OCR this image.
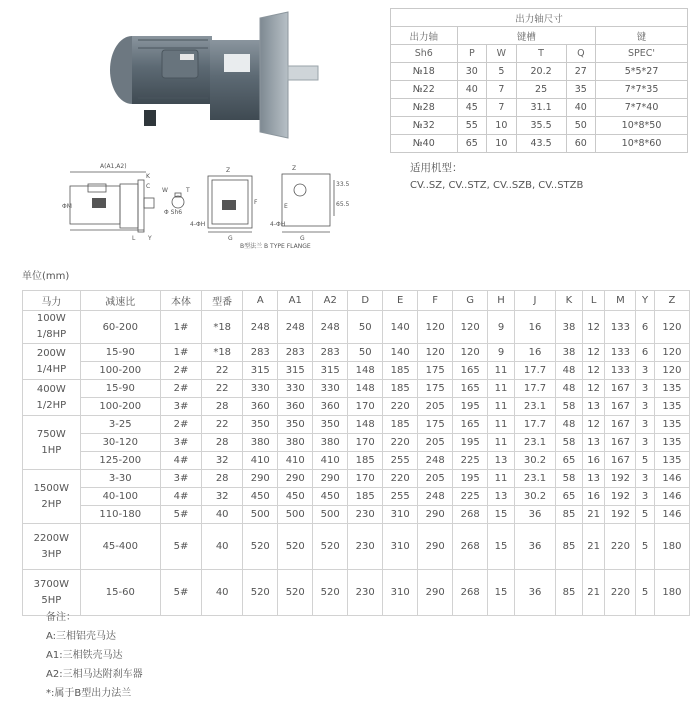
出力轴尺寸					
出力轴	键槽				键
Sh6	P	W	T	Q	SPEC'
№18	30	5	20.2	27	5*5*27
№22	40	7	25	35	7*7*35
№28	45	7	31.1	40	7*7*40
№32	55	10	35.5	50	10*8*50
№40	65	10	43.5	60	10*8*60
适用机型：
CV..SZ, CV..STZ, CV..SZB, CV..STZB
A(A1,A2)
K
C
ΦM
L Y
W	T
Φ Sh6
Z
F
4-ΦH
G
Z
E
33.5
65.5
4-ΦH
G
B型法兰 B TYPE FLANGE
单位(mm)
马力	减速比	本体	型番	A	A1	A2	D	E	F	G	H	J	K	L	M	Y	Z

100W
1/8HP	60-200	1#	*18	248	248	248	50	140	120	120	9	16	38	12	133	6	120

200W
1/4HP	15-90	1#	*18	283	283	283	50	140	120	120	9	16	38	12	133	6	120
	100-200	2#	22	315	315	315	148	185	175	165	11	17.7	48	12	133	3	120

400W
1/2HP	15-90	2#	22	330	330	330	148	185	175	165	11	17.7	48	12	167	3	135
	100-200	3#	28	360	360	360	170	220	205	195	11	23.1	58	13	167	3	135

750W
1HP	3-25	2#	22	350	350	350	148	185	175	165	11	17.7	48	12	167	3	135
	30-120	3#	28	380	380	380	170	220	205	195	11	23.1	58	13	167	3	135
	125-200	4#	32	410	410	410	185	255	248	225	13	30.2	65	16	167	5	135

1500W
2HP	3-30	3#	28	290	290	290	170	220	205	195	11	23.1	58	13	192	3	146
	40-100	4#	32	450	450	450	185	255	248	225	13	30.2	65	16	192	3	146
	110-180	5#	40	500	500	500	230	310	290	268	15	36	85	21	192	5	146

2200W
3HP	45-400	5#	40	520	520	520	230	310	290	268	15	36	85	21	220	5	180

3700W
5HP	15-60	5#	40	520	520	520	230	310	290	268	15	36	85	21	220	5	180
备注：
A:三相铝壳马达
A1:三相铁壳马达
A2:三相马达附刹车器
*:属于B型出力法兰
